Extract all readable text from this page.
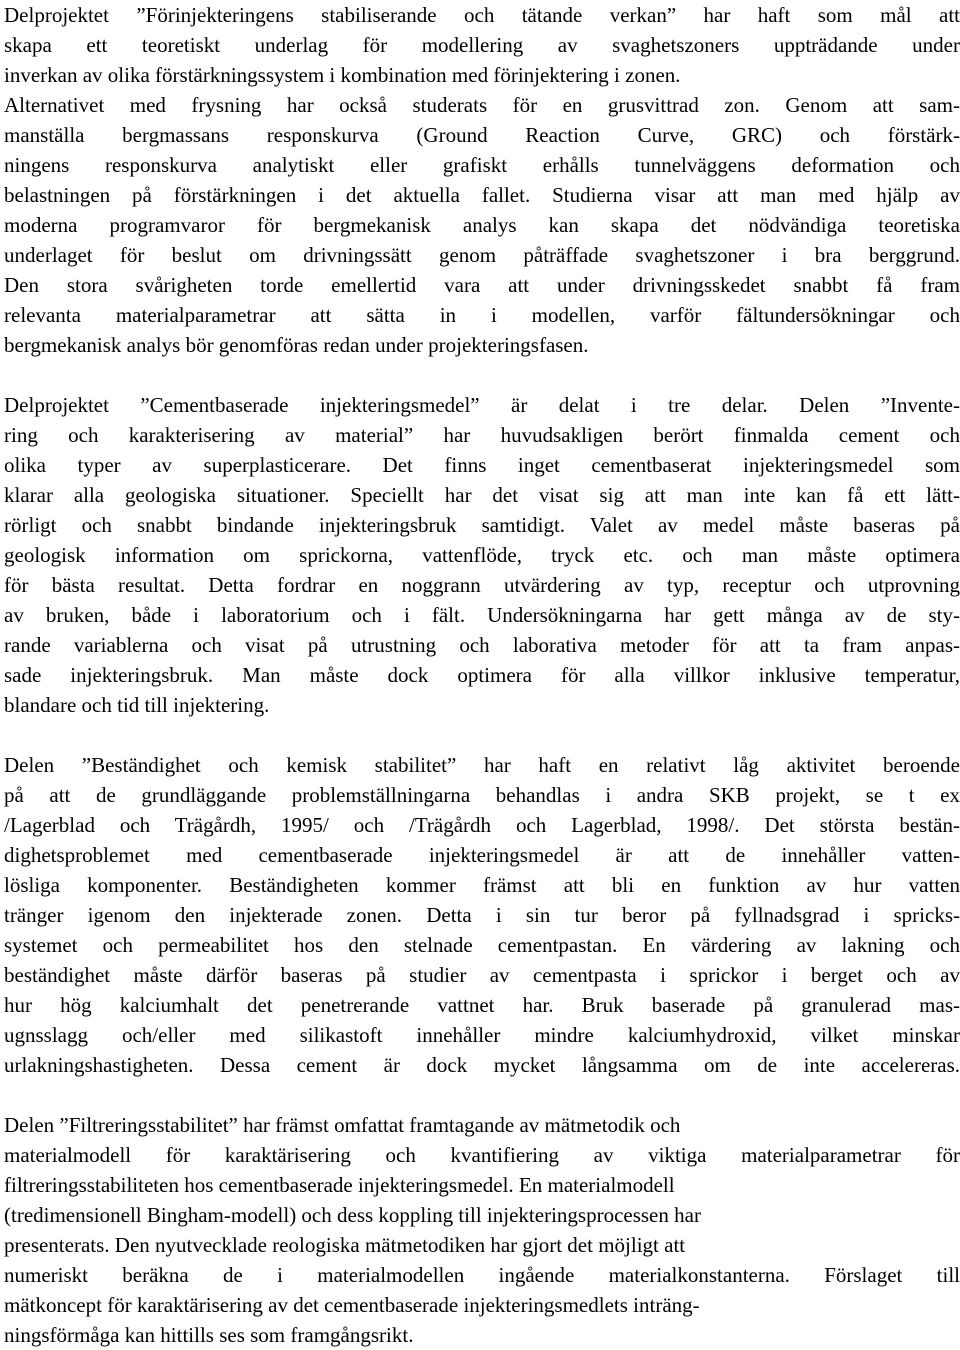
Delprojektet ”Förinjekteringens stabiliserande och tätande verkan” har haft som mål att
skapa ett teoretiskt underlag för modellering av svaghetszoners uppträdande under
inverkan av olika förstärkningssystem i kombination med förinjektering i zonen.
Alternativet med frysning har också studerats för en grusvittrad zon. Genom att sam-
manställa bergmassans responskurva (Ground Reaction Curve, GRC) och förstärk-
ningens responskurva analytiskt eller grafiskt erhålls tunnelväggens deformation och
belastningen på förstärkningen i det aktuella fallet. Studierna visar att man med hjälp av
moderna programvaror för bergmekanisk analys kan skapa det nödvändiga teoretiska
underlaget för beslut om drivningssätt genom påträffade svaghetszoner i bra berggrund.
Den stora svårigheten torde emellertid vara att under drivningsskedet snabbt få fram
relevanta materialparametrar att sätta in i modellen, varför fältundersökningar och
bergmekanisk analys bör genomföras redan under projekteringsfasen.
Delprojektet ”Cementbaserade injekteringsmedel” är delat i tre delar. Delen ”Invente-
ring och karakterisering av material” har huvudsakligen berört finmalda cement och
olika typer av superplasticerare. Det finns inget cementbaserat injekteringsmedel som
klarar alla geologiska situationer. Speciellt har det visat sig att man inte kan få ett lätt-
rörligt och snabbt bindande injekteringsbruk samtidigt. Valet av medel måste baseras på
geologisk information om sprickorna, vattenflöde, tryck etc. och man måste optimera
för bästa resultat. Detta fordrar en noggrann utvärdering av typ, receptur och utprovning
av bruken, både i laboratorium och i fält. Undersökningarna har gett många av de sty-
rande variablerna och visat på utrustning och laborativa metoder för att ta fram anpas-
sade injekteringsbruk. Man måste dock optimera för alla villkor inklusive temperatur,
blandare och tid till injektering.
Delen ”Beständighet och kemisk stabilitet” har haft en relativt låg aktivitet beroende
på att de grundläggande problemställningarna behandlas i andra SKB projekt, se t ex
/Lagerblad och Trägårdh, 1995/ och /Trägårdh och Lagerblad, 1998/. Det största bestän-
dighetsproblemet med cementbaserade injekteringsmedel är att de innehåller vatten-
lösliga komponenter. Beständigheten kommer främst att bli en funktion av hur vatten
tränger igenom den injekterade zonen. Detta i sin tur beror på fyllnadsgrad i spricks-
systemet och permeabilitet hos den stelnade cementpastan. En värdering av lakning och
beständighet måste därför baseras på studier av cementpasta i sprickor i berget och av
hur hög kalciumhalt det penetrerande vattnet har. Bruk baserade på granulerad mas-
ugnsslagg och/eller med silikastoft innehåller mindre kalciumhydroxid, vilket minskar
urlakningshastigheten. Dessa cement är dock mycket långsamma om de inte accelereras.
Delen ”Filtreringsstabilitet” har främst omfattat framtagande av mätmetodik och
materialmodell för karaktärisering och kvantifiering av viktiga materialparametrar för
filtreringsstabiliteten hos cementbaserade injekteringsmedel. En materialmodell
(tredimensionell Bingham-modell) och dess koppling till injekteringsprocessen har
presenterats. Den nyutvecklade reologiska mätmetodiken har gjort det möjligt att
numeriskt beräkna de i materialmodellen ingående materialkonstanterna. Förslaget till
mätkoncept för karaktärisering av det cementbaserade injekteringsmedlets inträng-
ningsförmåga kan hittills ses som framgångsrikt.
